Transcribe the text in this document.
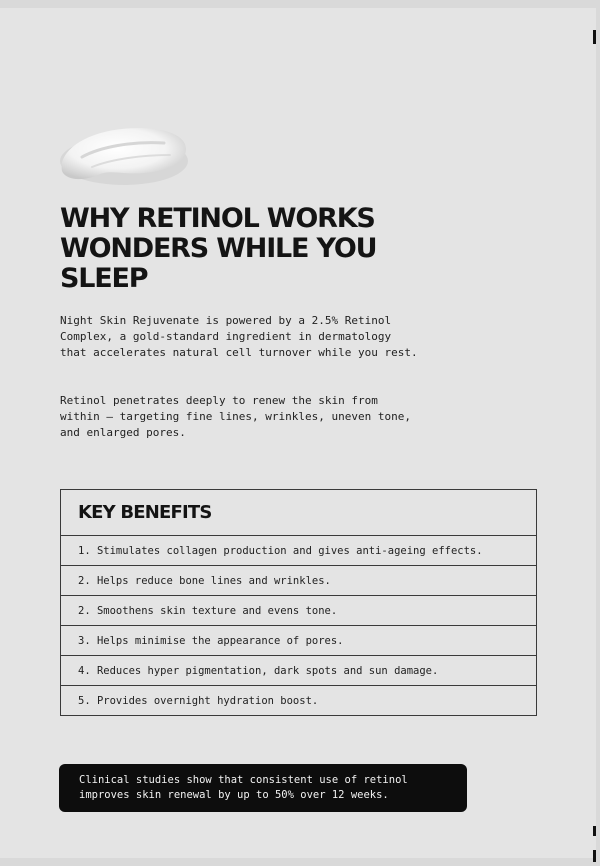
WHY RETINOL WORKS
WONDERS WHILE YOU
SLEEP

Night Skin Rejuvenate is powered by a 2.5% Retinol Complex, a gold-standard ingredient in dermatology that accelerates natural cell turnover while you rest.

Retinol penetrates deeply to renew the skin from within — targeting fine lines, wrinkles, uneven tone, and enlarged pores.

KEY BENEFITS
1. Stimulates collagen production and gives anti-ageing effects.
2. Helps reduce bone lines and wrinkles.
2. Smoothens skin texture and evens tone.
3. Helps minimise the appearance of pores.
4. Reduces hyper pigmentation, dark spots and sun damage.
5. Provides overnight hydration boost.
Clinical studies show that consistent use of retinol improves skin renewal by up to 50% over 12 weeks.
